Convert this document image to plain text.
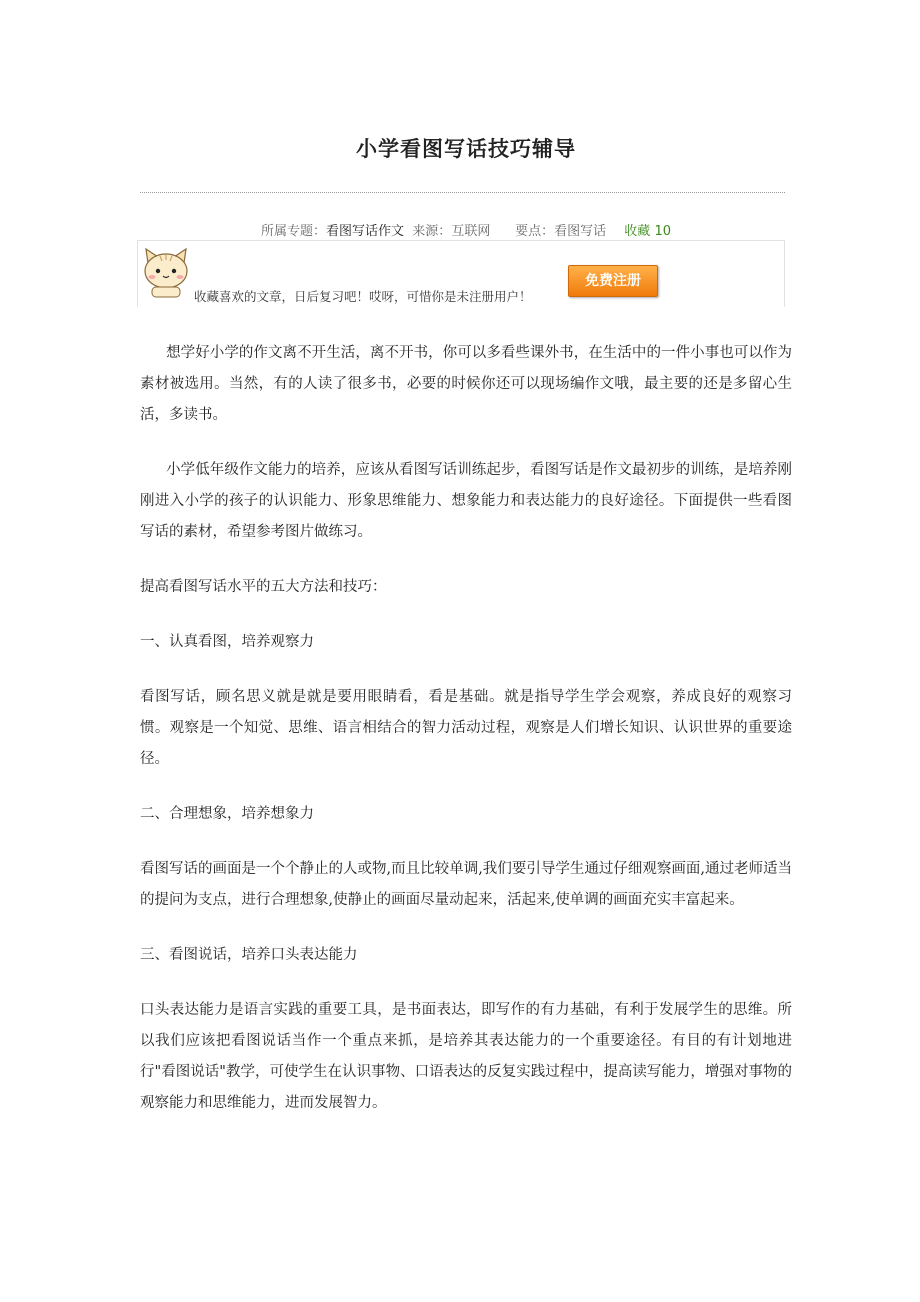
小学看图写话技巧辅导
所属专题：看图写话作文 来源：互联网 要点：看图写话 收藏 10
收藏喜欢的文章，日后复习吧！哎呀，可惜你是未注册用户！
免费注册

想学好小学的作文离不开生活，离不开书，你可以多看些课外书，在生活中的一件小事也可以作为素材被选用。当然，有的人读了很多书，必要的时候你还可以现场编作文哦，最主要的还是多留心生活，多读书。

小学低年级作文能力的培养，应该从看图写话训练起步，看图写话是作文最初步的训练，是培养刚刚进入小学的孩子的认识能力、形象思维能力、想象能力和表达能力的良好途径。下面提供一些看图写话的素材，希望参考图片做练习。

提高看图写话水平的五大方法和技巧：

一、认真看图，培养观察力

看图写话，顾名思义就是就是要用眼睛看，看是基础。就是指导学生学会观察，养成良好的观察习惯。观察是一个知觉、思维、语言相结合的智力活动过程，观察是人们增长知识、认识世界的重要途径。

二、合理想象，培养想象力

看图写话的画面是一个个静止的人或物,而且比较单调,我们要引导学生通过仔细观察画面,通过老师适当的提问为支点，进行合理想象,使静止的画面尽量动起来，活起来,使单调的画面充实丰富起来。

三、看图说话，培养口头表达能力

口头表达能力是语言实践的重要工具，是书面表达，即写作的有力基础，有利于发展学生的思维。所以我们应该把看图说话当作一个重点来抓，是培养其表达能力的一个重要途径。有目的有计划地进行"看图说话"教学，可使学生在认识事物、口语表达的反复实践过程中，提高读写能力，增强对事物的观察能力和思维能力，进而发展智力。
